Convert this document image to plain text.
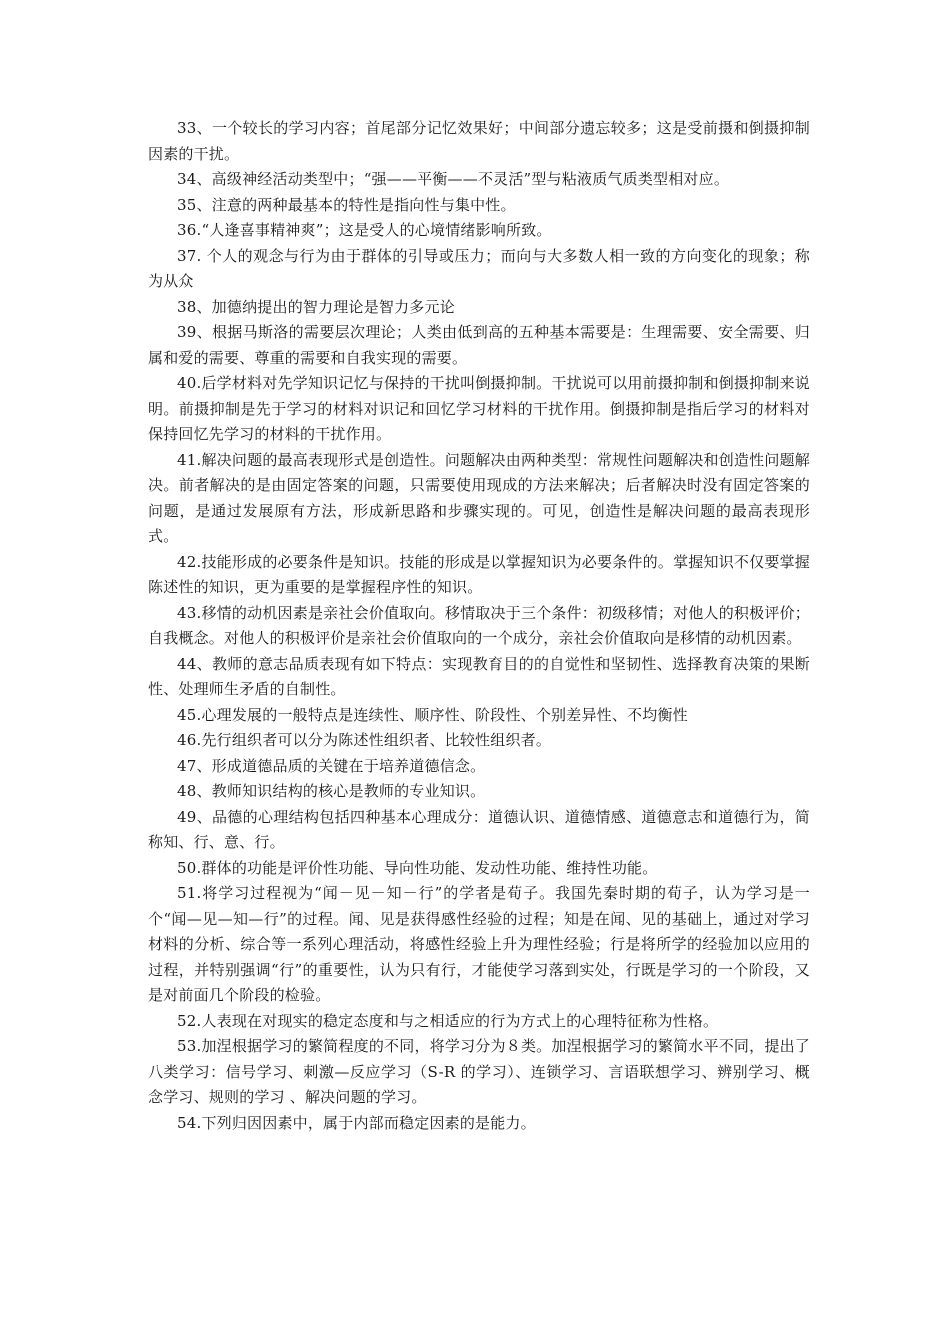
33、一个较长的学习内容；首尾部分记忆效果好；中间部分遗忘较多；这是受前摄和倒摄抑制因素的干扰。

34、高级神经活动类型中；“强——平衡——不灵活”型与粘液质气质类型相对应。

35、注意的两种最基本的特性是指向性与集中性。

36.“人逢喜事精神爽”；这是受人的心境情绪影响所致。

37. 个人的观念与行为由于群体的引导或压力；而向与大多数人相一致的方向变化的现象；称为从众

38、加德纳提出的智力理论是智力多元论

39、根据马斯洛的需要层次理论；人类由低到高的五种基本需要是：生理需要、安全需要、归属和爱的需要、尊重的需要和自我实现的需要。

40.后学材料对先学知识记忆与保持的干扰叫倒摄抑制。干扰说可以用前摄抑制和倒摄抑制来说明。前摄抑制是先于学习的材料对识记和回忆学习材料的干扰作用。倒摄抑制是指后学习的材料对保持回忆先学习的材料的干扰作用。

41.解决问题的最高表现形式是创造性。问题解决由两种类型：常规性问题解决和创造性问题解决。前者解决的是由固定答案的问题，只需要使用现成的方法来解决；后者解决时没有固定答案的问题，是通过发展原有方法，形成新思路和步骤实现的。可见，创造性是解决问题的最高表现形式。

42.技能形成的必要条件是知识。技能的形成是以掌握知识为必要条件的。掌握知识不仅要掌握陈述性的知识，更为重要的是掌握程序性的知识。

43.移情的动机因素是亲社会价值取向。移情取决于三个条件：初级移情；对他人的积极评价；自我概念。对他人的积极评价是亲社会价值取向的一个成分，亲社会价值取向是移情的动机因素。

44、教师的意志品质表现有如下特点：实现教育目的的自觉性和坚韧性、选择教育决策的果断性、处理师生矛盾的自制性。

45.心理发展的一般特点是连续性、顺序性、阶段性、个别差异性、不均衡性

46.先行组织者可以分为陈述性组织者、比较性组织者。

47、形成道德品质的关键在于培养道德信念。

48、教师知识结构的核心是教师的专业知识。

49、品德的心理结构包括四种基本心理成分：道德认识、道德情感、道德意志和道德行为，简称知、行、意、行。

50.群体的功能是评价性功能、导向性功能、发动性功能、维持性功能。

51.将学习过程视为“闻－见－知－行”的学者是荀子。我国先秦时期的荀子，认为学习是一个“闻—见—知—行”的过程。闻、见是获得感性经验的过程；知是在闻、见的基础上，通过对学习材料的分析、综合等一系列心理活动，将感性经验上升为理性经验；行是将所学的经验加以应用的过程，并特别强调“行”的重要性，认为只有行，才能使学习落到实处，行既是学习的一个阶段，又是对前面几个阶段的检验。

52.人表现在对现实的稳定态度和与之相适应的行为方式上的心理特征称为性格。

53.加涅根据学习的繁简程度的不同，将学习分为８类。加涅根据学习的繁简水平不同，提出了八类学习：信号学习、刺激—反应学习（S-R 的学习）、连锁学习、言语联想学习、辨别学习、概念学习、规则的学习 、解决问题的学习。

54.下列归因因素中，属于内部而稳定因素的是能力。
